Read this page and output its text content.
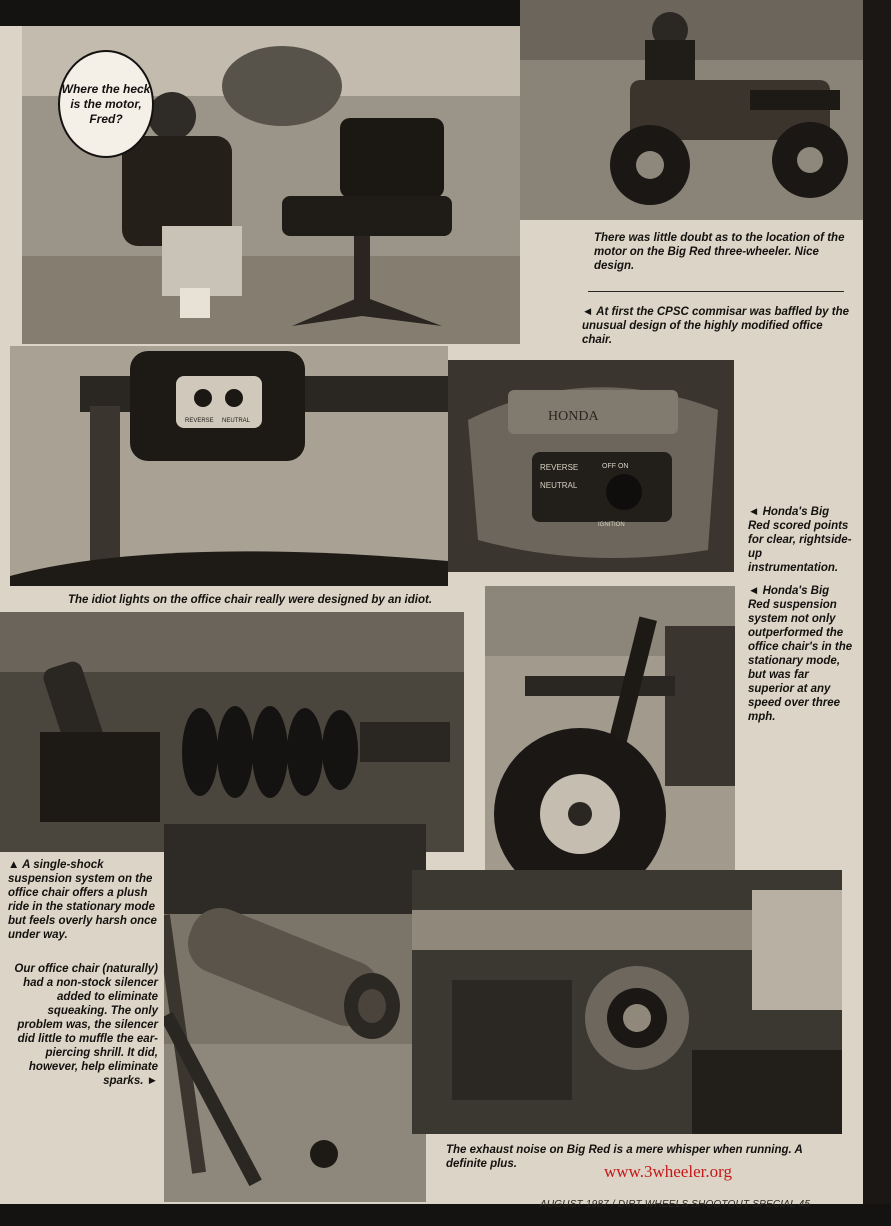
Where the heck is the motor, Fred?
There was little doubt as to the location of the motor on the Big Red three-wheeler. Nice design.
◄ At first the CPSC commisar was baffled by the unusual design of the highly modified office chair.
REVERSE NEUTRAL	HONDA
REVERSE
NEUTRAL
OFF ON
IGNITION
◄ Honda's Big Red scored points for clear, rightside-up instrumentation.
The idiot lights on the office chair really were designed by an idiot.
◄ Honda's Big Red suspension system not only outperformed the office chair's in the stationary mode, but was far superior at any speed over three mph.
▲ A single-shock suspension system on the office chair offers a plush ride in the stationary mode but feels overly harsh once under way.
Our office chair (naturally) had a non-stock silencer added to eliminate squeaking. The only problem was, the silencer did little to muffle the ear-piercing shrill. It did, however, help eliminate sparks. ►
The exhaust noise on Big Red is a mere whisper when running. A definite plus.	www.3wheeler.org
AUGUST 1987 / DIRT WHEELS SHOOTOUT SPECIAL 45
